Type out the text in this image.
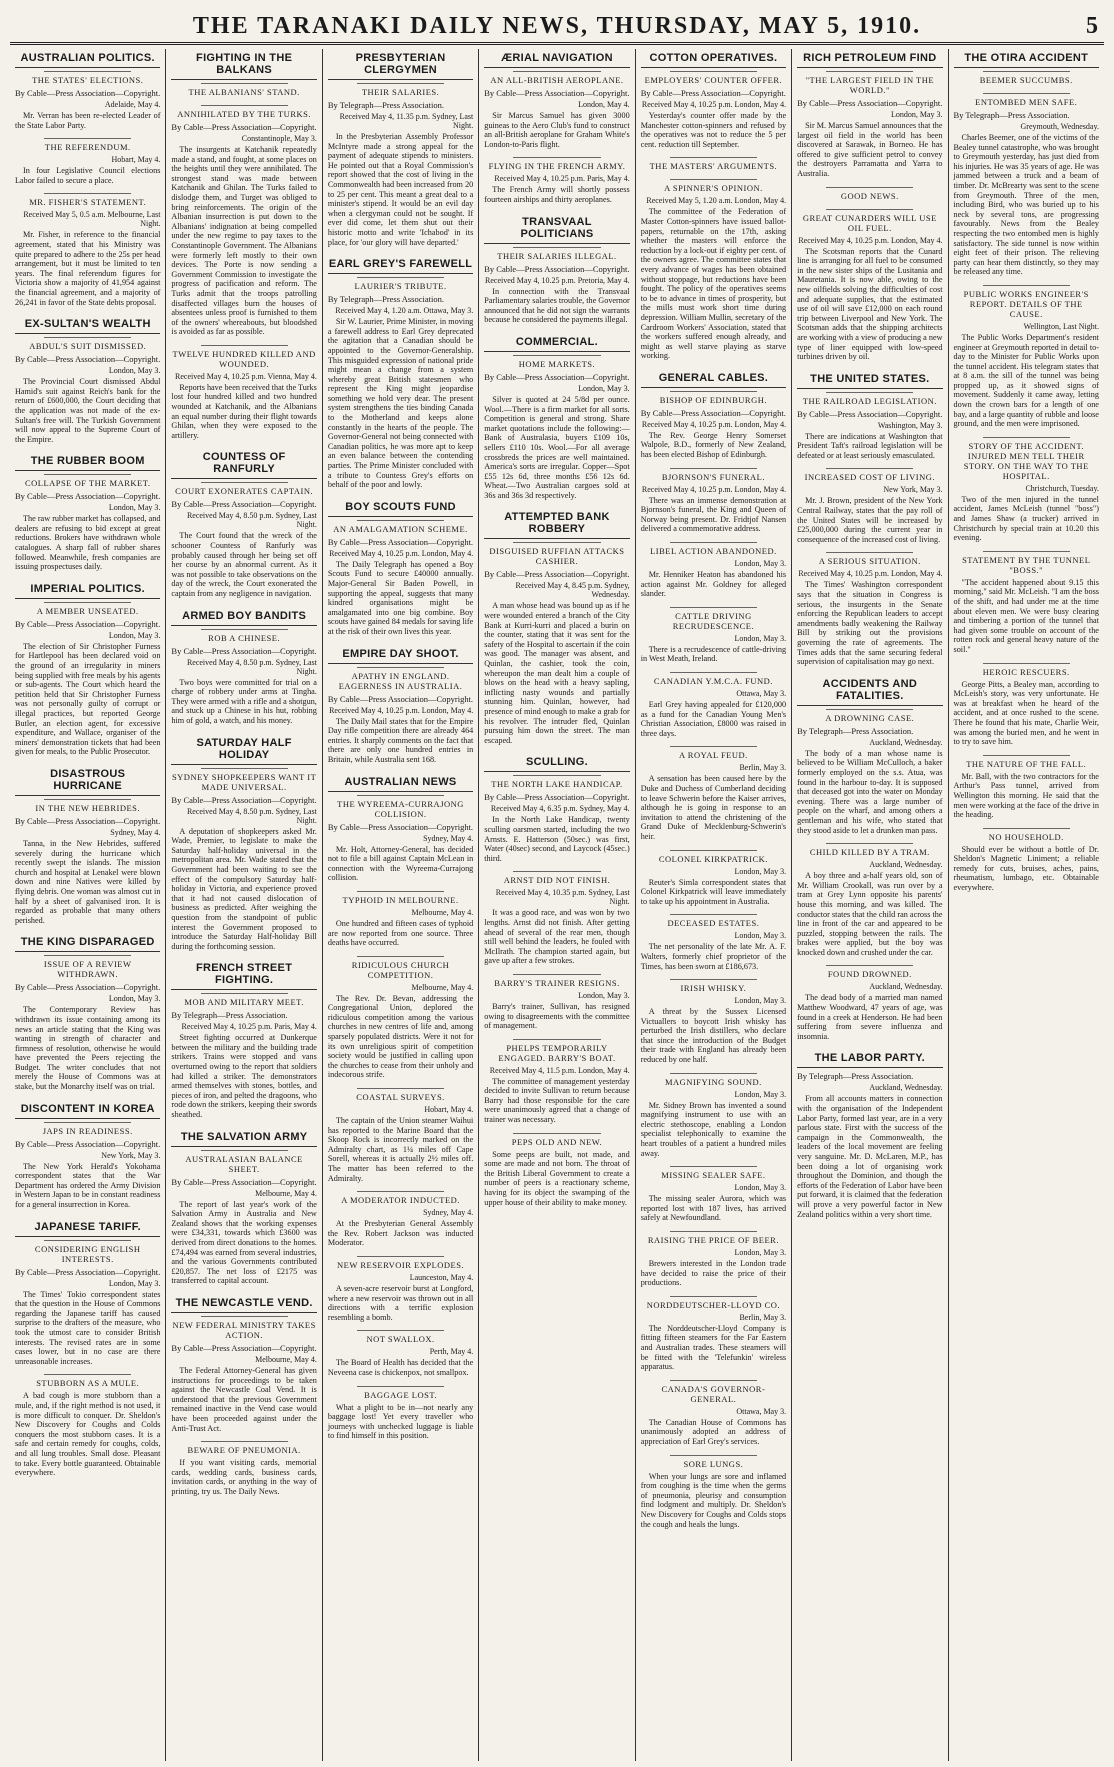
THE TARANAKI DAILY NEWS, THURSDAY, MAY 5, 1910.	5
AUSTRALIAN POLITICS.
THE STATES' ELECTIONS.
By Cable—Press Association—Copyright.
Adelaide, May 4.
Mr. Verran has been re-elected Leader of the State Labor Party.
THE REFERENDUM.
Hobart, May 4.
In four Legislative Council elections Labor failed to secure a place.
MR. FISHER'S STATEMENT.
Received May 5, 0.5 a.m. Melbourne, Last Night.
Mr. Fisher, in reference to the financial agreement, stated that his Ministry was quite prepared to adhere to the 25s per head arrangement, but it must be limited to ten years. The final referendum figures for Victoria show a majority of 41,954 against the financial agreement, and a majority of 26,241 in favor of the State debts proposal.
EX-SULTAN'S WEALTH
ABDUL'S SUIT DISMISSED.
By Cable—Press Association—Copyright.
London, May 3.
The Provincial Court dismissed Abdul Hamid's suit against Reich's bank for the return of £600,000, the Court deciding that the application was not made of the ex-Sultan's free will. The Turkish Government will now appeal to the Supreme Court of the Empire.
THE RUBBER BOOM
COLLAPSE OF THE MARKET.
By Cable—Press Association—Copyright.
London, May 3.
The raw rubber market has collapsed, and dealers are refusing to bid except at great reductions. Brokers have withdrawn whole catalogues. A sharp fall of rubber shares followed. Meanwhile, fresh companies are issuing prospectuses daily.
IMPERIAL POLITICS.
A MEMBER UNSEATED.
By Cable—Press Association—Copyright.
London, May 3.
The election of Sir Christopher Furness for Hartlepool has been declared void on the ground of an irregularity in miners being supplied with free meals by his agents or sub-agents. The Court which heard the petition held that Sir Christopher Furness was not personally guilty of corrupt or illegal practices, but reported George Butler, an election agent, for excessive expenditure, and Wallace, organiser of the miners' demonstration tickets that had been given for meals, to the Public Prosecutor.
DISASTROUS HURRICANE
IN THE NEW HEBRIDES.
By Cable—Press Association—Copyright.
Sydney, May 4.
Tanna, in the New Hebrides, suffered severely during the hurricane which recently swept the islands. The mission church and hospital at Lenakel were blown down and nine Natives were killed by flying debris. One woman was almost cut in half by a sheet of galvanised iron. It is regarded as probable that many others perished.
THE KING DISPARAGED
ISSUE OF A REVIEW WITHDRAWN.
By Cable—Press Association—Copyright.
London, May 3.
The Contemporary Review has withdrawn its issue containing among its news an article stating that the King was wanting in strength of character and firmness of resolution, otherwise he would have prevented the Peers rejecting the Budget. The writer concludes that not merely the House of Commons was at stake, but the Monarchy itself was on trial.
DISCONTENT IN KOREA
JAPS IN READINESS.
By Cable—Press Association—Copyright.
New York, May 3.
The New York Herald's Yokohama correspondent states that the War Department has ordered the Army Division in Western Japan to be in constant readiness for a general insurrection in Korea.
JAPANESE TARIFF.
CONSIDERING ENGLISH INTERESTS.
By Cable—Press Association—Copyright.
London, May 3.
The Times' Tokio correspondent states that the question in the House of Commons regarding the Japanese tariff has caused surprise to the drafters of the measure, who took the utmost care to consider British interests. The revised rates are in some cases lower, but in no case are there unreasonable increases.
STUBBORN AS A MULE.
A bad cough is more stubborn than a mule, and, if the right method is not used, it is more difficult to conquer. Dr. Sheldon's New Discovery for Coughs and Colds conquers the most stubborn cases. It is a safe and certain remedy for coughs, colds, and all lung troubles. Small dose. Pleasant to take. Every bottle guaranteed. Obtainable everywhere.
FIGHTING IN THE BALKANS
THE ALBANIANS' STAND.
ANNIHILATED BY THE TURKS.
By Cable—Press Association—Copyright.
Constantinople, May 3.
The insurgents at Katchanik repeatedly made a stand, and fought, at some places on the heights until they were annihilated. The strongest stand was made between Katchanik and Ghilan. The Turks failed to dislodge them, and Turget was obliged to bring reinforcements. The origin of the Albanian insurrection is put down to the Albanians' indignation at being compelled under the new regime to pay taxes to the Constantinople Government. The Albanians were formerly left mostly to their own devices. The Porte is now sending a Government Commission to investigate the progress of pacification and reform. The Turks admit that the troops patrolling disaffected villages burn the houses of absentees unless proof is furnished to them of the owners' whereabouts, but bloodshed is avoided as far as possible.
TWELVE HUNDRED KILLED AND WOUNDED.
Received May 4, 10.25 p.m. Vienna, May 4.
Reports have been received that the Turks lost four hundred killed and two hundred wounded at Katchanik, and the Albanians an equal number during their flight towards Ghilan, when they were exposed to the artillery.
COUNTESS OF RANFURLY
COURT EXONERATES CAPTAIN.
By Cable—Press Association—Copyright.
Received May 4, 8.50 p.m. Sydney, Last Night.
The Court found that the wreck of the schooner Countess of Ranfurly was probably caused through her being set off her course by an abnormal current. As it was not possible to take observations on the day of the wreck, the Court exonerated the captain from any negligence in navigation.
ARMED BOY BANDITS
ROB A CHINESE.
By Cable—Press Association—Copyright.
Received May 4, 8.50 p.m. Sydney, Last Night.
Two boys were committed for trial on a charge of robbery under arms at Tingha. They were armed with a rifle and a shotgun, and stuck up a Chinese in his hut, robbing him of gold, a watch, and his money.
SATURDAY HALF HOLIDAY
SYDNEY SHOPKEEPERS WANT IT MADE UNIVERSAL.
By Cable—Press Association—Copyright.
Received May 4, 8.50 p.m. Sydney, Last Night.
A deputation of shopkeepers asked Mr. Wade, Premier, to legislate to make the Saturday half-holiday universal in the metropolitan area. Mr. Wade stated that the Government had been waiting to see the effect of the compulsory Saturday half-holiday in Victoria, and experience proved that it had not caused dislocation of business as predicted. After weighing the question from the standpoint of public interest the Government proposed to introduce the Saturday Half-holiday Bill during the forthcoming session.
FRENCH STREET FIGHTING.
MOB AND MILITARY MEET.
By Telegraph—Press Association.
Received May 4, 10.25 p.m. Paris, May 4.
Street fighting occurred at Dunkerque between the military and the building trade strikers. Trains were stopped and vans overturned owing to the report that soldiers had killed a striker. The demonstrators armed themselves with stones, bottles, and pieces of iron, and pelted the dragoons, who rode down the strikers, keeping their swords sheathed.
THE SALVATION ARMY
AUSTRALASIAN BALANCE SHEET.
By Cable—Press Association—Copyright.
Melbourne, May 4.
The report of last year's work of the Salvation Army in Australia and New Zealand shows that the working expenses were £34,331, towards which £3600 was derived from direct donations to the homes. £74,494 was earned from several industries, and the various Governments contributed £20,857. The net loss of £2175 was transferred to capital account.
THE NEWCASTLE VEND.
NEW FEDERAL MINISTRY TAKES ACTION.
By Cable—Press Association—Copyright.
Melbourne, May 4.
The Federal Attorney-General has given instructions for proceedings to be taken against the Newcastle Coal Vend. It is understood that the previous Government remained inactive in the Vend case would have been proceeded against under the Anti-Trust Act.
BEWARE OF PNEUMONIA.
If you want visiting cards, memorial cards, wedding cards, business cards, invitation cards, or anything in the way of printing, try us. The Daily News.
PRESBYTERIAN CLERGYMEN
THEIR SALARIES.
By Telegraph—Press Association.
Received May 4, 11.35 p.m. Sydney, Last Night.
In the Presbyterian Assembly Professor McIntyre made a strong appeal for the payment of adequate stipends to ministers. He pointed out that a Royal Commission's report showed that the cost of living in the Commonwealth had been increased from 20 to 25 per cent. This meant a great deal to a minister's stipend. It would be an evil day when a clergyman could not be sought. If ever did come, let them shut out their historic motto and write 'Ichabod' in its place, for 'our glory will have departed.'
EARL GREY'S FAREWELL
LAURIER'S TRIBUTE.
By Telegraph—Press Association.
Received May 4, 1.20 a.m. Ottawa, May 3.
Sir W. Laurier, Prime Minister, in moving a farewell address to Earl Grey deprecated the agitation that a Canadian should be appointed to the Governor-Generalship. This misguided expression of national pride might mean a change from a system whereby great British statesmen who represent the King might jeopardise something we hold very dear. The present system strengthens the ties binding Canada to the Motherland and keeps alone constantly in the hearts of the people. The Governor-General not being connected with Canadian politics, he was more apt to keep an even balance between the contending parties. The Prime Minister concluded with a tribute to Countess Grey's efforts on behalf of the poor and lowly.
BOY SCOUTS FUND
AN AMALGAMATION SCHEME.
By Cable—Press Association—Copyright.
Received May 4, 10.25 p.m. London, May 4.
The Daily Telegraph has opened a Boy Scouts Fund to secure £40000 annually. Major-General Sir Baden Powell, in supporting the appeal, suggests that many kindred organisations might be amalgamated into one big combine. Boy scouts have gained 84 medals for saving life at the risk of their own lives this year.
EMPIRE DAY SHOOT.
APATHY IN ENGLAND. EAGERNESS IN AUSTRALIA.
By Cable—Press Association—Copyright.
Received May 4, 10.25 p.m. London, May 4.
The Daily Mail states that for the Empire Day rifle competition there are already 464 entries. It sharply comments on the fact that there are only one hundred entries in Britain, while Australia sent 168.
AUSTRALIAN NEWS
THE WYREEMA-CURRAJONG COLLISION.
By Cable—Press Association—Copyright.
Sydney, May 4.
Mr. Holt, Attorney-General, has decided not to file a bill against Captain McLean in connection with the Wyreema-Currajong collision.
TYPHOID IN MELBOURNE.
Melbourne, May 4.
One hundred and fifteen cases of typhoid are now reported from one source. Three deaths have occurred.
RIDICULOUS CHURCH COMPETITION.
Melbourne, May 4.
The Rev. Dr. Bevan, addressing the Congregational Union, deplored the ridiculous competition among the various churches in new centres of life and, among sparsely populated districts. Were it not for its own unreligious spirit of competition society would be justified in calling upon the churches to cease from their unholy and indecorous strife.
COASTAL SURVEYS.
Hobart, May 4.
The captain of the Union steamer Waihui has reported to the Marine Board that the Skoop Rock is incorrectly marked on the Admiralty chart, as 1¼ miles off Cape Sorell, whereas it is actually 2½ miles off. The matter has been referred to the Admiralty.
A MODERATOR INDUCTED.
Sydney, May 4.
At the Presbyterian General Assembly the Rev. Robert Jackson was inducted Moderator.
NEW RESERVOIR EXPLODES.
Launceston, May 4.
A seven-acre reservoir burst at Longford, where a new reservoir was thrown out in all directions with a terrific explosion resembling a bomb.
NOT SWALLOX.
Perth, May 4.
The Board of Health has decided that the Neveena case is chickenpox, not smallpox.
BAGGAGE LOST.
What a plight to be in—not nearly any baggage lost! Yet every traveller who journeys with unchecked luggage is liable to find himself in this position.
ÆRIAL NAVIGATION
AN ALL-BRITISH AEROPLANE.
By Cable—Press Association—Copyright.
London, May 4.
Sir Marcus Samuel has given 3000 guineas to the Aero Club's fund to construct an all-British aeroplane for Graham White's London-to-Paris flight.
FLYING IN THE FRENCH ARMY.
Received May 4, 10.25 p.m. Paris, May 4.
The French Army will shortly possess fourteen airships and thirty aeroplanes.
TRANSVAAL POLITICIANS
THEIR SALARIES ILLEGAL.
By Cable—Press Association—Copyright.
Received May 4, 10.25 p.m. Pretoria, May 4.
In connection with the Transvaal Parliamentary salaries trouble, the Governor announced that he did not sign the warrants because he considered the payments illegal.
COMMERCIAL.
HOME MARKETS.
By Cable—Press Association—Copyright.
London, May 3.
Silver is quoted at 24 5/8d per ounce. Wool.—There is a firm market for all sorts. Competition is general and strong. Share market quotations include the following:—Bank of Australasia, buyers £109 10s, sellers £110 10s. Wool.—For all average crossbreds the prices are well maintained. America's sorts are irregular. Copper—Spot £55 12s 6d, three months £56 12s 6d. Wheat.—Two Australian cargoes sold at 36s and 36s 3d respectively.
ATTEMPTED BANK ROBBERY
DISGUISED RUFFIAN ATTACKS CASHIER.
By Cable—Press Association—Copyright.
Received May 4, 8.45 p.m. Sydney, Wednesday.
A man whose head was bound up as if he were wounded entered a branch of the City Bank at Kurri-kurri and placed a burin on the counter, stating that it was sent for the safety of the Hospital to ascertain if the coin was good. The manager was absent, and Quinlan, the cashier, took the coin, whereupon the man dealt him a couple of blows on the head with a heavy sapling, inflicting nasty wounds and partially stunning him. Quinlan, however, had presence of mind enough to make a grab for his revolver. The intruder fled, Quinlan pursuing him down the street. The man escaped.
SCULLING.
THE NORTH LAKE HANDICAP.
By Cable—Press Association—Copyright.
Received May 4, 6.35 p.m. Sydney, May 4.
In the North Lake Handicap, twenty sculling oarsmen started, including the two Arnsts. E. Hatterson (50sec.) was first, Water (40sec) second, and Laycock (45sec.) third.
ARNST DID NOT FINISH.
Received May 4, 10.35 p.m. Sydney, Last Night.
It was a good race, and was won by two lengths. Arnst did not finish. After getting ahead of several of the rear men, though still well behind the leaders, he fouled with McIlrath. The champion started again, but gave up after a few strokes.
BARRY'S TRAINER RESIGNS.
London, May 3.
Barry's trainer, Sullivan, has resigned owing to disagreements with the committee of management.
PHELPS TEMPORARILY ENGAGED. BARRY'S BOAT.
Received May 4, 11.5 p.m. London, May 4.
The committee of management yesterday decided to invite Sullivan to return because Barry had those responsible for the care were unanimously agreed that a change of trainer was necessary.
PEPS OLD AND NEW.
Some peeps are built, not made, and some are made and not born. The throat of the British Liberal Government to create a number of peers is a reactionary scheme, having for its object the swamping of the upper house of their ability to make money.
COTTON OPERATIVES.
EMPLOYERS' COUNTER OFFER.
By Cable—Press Association—Copyright.
Received May 4, 10.25 p.m. London, May 4.
Yesterday's counter offer made by the Manchester cotton-spinners and refused by the operatives was not to reduce the 5 per cent. reduction till September.
THE MASTERS' ARGUMENTS.
A SPINNER'S OPINION.
Received May 5, 1.20 a.m. London, May 4.
The committee of the Federation of Master Cotton-spinners have issued ballot-papers, returnable on the 17th, asking whether the masters will enforce the reduction by a lock-out if eighty per cent. of the owners agree. The committee states that every advance of wages has been obtained without stoppage, but reductions have been fought. The policy of the operatives seems to be to advance in times of prosperity, but the mills must work short time during depression. William Mullin, secretary of the Cardroom Workers' Association, stated that the workers suffered enough already, and might as well starve playing as starve working.
GENERAL CABLES.
BISHOP OF EDINBURGH.
By Cable—Press Association—Copyright.
Received May 4, 10.25 p.m. London, May 4.
The Rev. George Henry Somerset Walpole, B.D., formerly of New Zealand, has been elected Bishop of Edinburgh.
BJORNSON'S FUNERAL.
Received May 4, 10.25 p.m. London, May 4.
There was an immense demonstration at Bjornson's funeral, the King and Queen of Norway being present. Dr. Fridtjof Nansen delivered a commemorative address.
LIBEL ACTION ABANDONED.
London, May 3.
Mr. Henniker Heaton has abandoned his action against Mr. Goldney for alleged slander.
CATTLE DRIVING RECRUDESCENCE.
London, May 3.
There is a recrudescence of cattle-driving in West Meath, Ireland.
CANADIAN Y.M.C.A. FUND.
Ottawa, May 3.
Earl Grey having appealed for £120,000 as a fund for the Canadian Young Men's Christian Association, £8000 was raised in three days.
A ROYAL FEUD.
Berlin, May 3.
A sensation has been caused here by the Duke and Duchess of Cumberland deciding to leave Schwerin before the Kaiser arrives, although he is going in response to an invitation to attend the christening of the Grand Duke of Mecklenburg-Schwerin's heir.
COLONEL KIRKPATRICK.
London, May 3.
Reuter's Simla correspondent states that Colonel Kirkpatrick will leave immediately to take up his appointment in Australia.
DECEASED ESTATES.
London, May 3.
The net personality of the late Mr. A. F. Walters, formerly chief proprietor of the Times, has been sworn at £186,673.
IRISH WHISKY.
London, May 3.
A threat by the Sussex Licensed Victuallers to boycott Irish whisky has perturbed the Irish distillers, who declare that since the introduction of the Budget their trade with England has already been reduced by one half.
MAGNIFYING SOUND.
London, May 3.
Mr. Sidney Brown has invented a sound magnifying instrument to use with an electric stethoscope, enabling a London specialist telephonically to examine the heart troubles of a patient a hundred miles away.
MISSING SEALER SAFE.
London, May 3.
The missing sealer Aurora, which was reported lost with 187 lives, has arrived safely at Newfoundland.
RAISING THE PRICE OF BEER.
London, May 3.
Brewers interested in the London trade have decided to raise the price of their productions.
NORDDEUTSCHER-LLOYD CO.
Berlin, May 3.
The Norddeutscher-Lloyd Company is fitting fifteen steamers for the Far Eastern and Australian trades. These steamers will be fitted with the 'Telefunkin' wireless apparatus.
CANADA'S GOVERNOR-GENERAL.
Ottawa, May 3.
The Canadian House of Commons has unanimously adopted an address of appreciation of Earl Grey's services.
SORE LUNGS.
When your lungs are sore and inflamed from coughing is the time when the germs of pneumonia, pleurisy and consumption find lodgment and multiply. Dr. Sheldon's New Discovery for Coughs and Colds stops the cough and heals the lungs.
RICH PETROLEUM FIND
"THE LARGEST FIELD IN THE WORLD."
By Cable—Press Association—Copyright.
London, May 3.
Sir M. Marcus Samuel announces that the largest oil field in the world has been discovered at Sarawak, in Borneo. He has offered to give sufficient petrol to convey the destroyers Parramatta and Yarra to Australia.
GOOD NEWS.
GREAT CUNARDERS WILL USE OIL FUEL.
Received May 4, 10.25 p.m. London, May 4.
The Scotsman reports that the Cunard line is arranging for all fuel to be consumed in the new sister ships of the Lusitania and Mauretania. It is now able, owing to the new oilfields solving the difficulties of cost and adequate supplies, that the estimated use of oil will save £12,000 on each round trip between Liverpool and New York. The Scotsman adds that the shipping architects are working with a view of producing a new type of liner equipped with low-speed turbines driven by oil.
THE UNITED STATES.
THE RAILROAD LEGISLATION.
By Cable—Press Association—Copyright.
Washington, May 3.
There are indications at Washington that President Taft's railroad legislation will be defeated or at least seriously emasculated.
INCREASED COST OF LIVING.
New York, May 3.
Mr. J. Brown, president of the New York Central Railway, states that the pay roll of the United States will be increased by £25,000,000 during the current year in consequence of the increased cost of living.
A SERIOUS SITUATION.
Received May 4, 10.25 p.m. London, May 4.
The Times' Washington correspondent says that the situation in Congress is serious, the insurgents in the Senate enforcing the Republican leaders to accept amendments badly weakening the Railway Bill by striking out the provisions governing the rate of agreements. The Times adds that the same securing federal supervision of capitalisation may go next.
ACCIDENTS AND FATALITIES.
A DROWNING CASE.
By Telegraph—Press Association.
Auckland, Wednesday.
The body of a man whose name is believed to be William McCulloch, a baker formerly employed on the s.s. Atua, was found in the harbour to-day. It is supposed that deceased got into the water on Monday evening. There was a large number of people on the wharf, and among others a gentleman and his wife, who stated that they stood aside to let a drunken man pass.
CHILD KILLED BY A TRAM.
Auckland, Wednesday.
A boy three and a-half years old, son of Mr. William Crookall, was run over by a tram at Grey Lynn opposite his parents' house this morning, and was killed. The conductor states that the child ran across the line in front of the car and appeared to be puzzled, stopping between the rails. The brakes were applied, but the boy was knocked down and crushed under the car.
FOUND DROWNED.
Auckland, Wednesday.
The dead body of a married man named Matthew Woodward, 47 years of age, was found in a creek at Henderson. He had been suffering from severe influenza and insomnia.
THE LABOR PARTY.
By Telegraph—Press Association.
Auckland, Wednesday.
From all accounts matters in connection with the organisation of the Independent Labor Party, formed last year, are in a very parlous state. First with the success of the campaign in the Commonwealth, the leaders of the local movement are feeling very sanguine. Mr. D. McLaren, M.P., has been doing a lot of organising work throughout the Dominion, and though the efforts of the Federation of Labor have been put forward, it is claimed that the federation will prove a very powerful factor in New Zealand politics within a very short time.
THE OTIRA ACCIDENT
BEEMER SUCCUMBS.
ENTOMBED MEN SAFE.
By Telegraph—Press Association.
Greymouth, Wednesday.
Charles Beemer, one of the victims of the Bealey tunnel catastrophe, who was brought to Greymouth yesterday, has just died from his injuries. He was 35 years of age. He was jammed between a truck and a beam of timber. Dr. McBrearty was sent to the scene from Greymouth. Three of the men, including Bird, who was buried up to his neck by several tons, are progressing favourably. News from the Bealey respecting the two entombed men is highly satisfactory. The side tunnel is now within eight feet of their prison. The relieving party can hear them distinctly, so they may be released any time.
PUBLIC WORKS ENGINEER'S REPORT. DETAILS OF THE CAUSE.
Wellington, Last Night.
The Public Works Department's resident engineer at Greymouth reported in detail to-day to the Minister for Public Works upon the tunnel accident. His telegram states that at 8 a.m. the sill of the tunnel was being propped up, as it showed signs of movement. Suddenly it came away, letting down the crown bars for a length of one bay, and a large quantity of rubble and loose ground, and the men were imprisoned.
STORY OF THE ACCIDENT. INJURED MEN TELL THEIR STORY. ON THE WAY TO THE HOSPITAL.
Christchurch, Tuesday.
Two of the men injured in the tunnel accident, James McLeish (tunnel "boss") and James Shaw (a trucker) arrived in Christchurch by special train at 10.20 this evening.
STATEMENT BY THE TUNNEL "BOSS."
"The accident happened about 9.15 this morning," said Mr. McLeish. "I am the boss of the shift, and had under me at the time about eleven men. We were busy clearing and timbering a portion of the tunnel that had given some trouble on account of the rotten rock and general heavy nature of the soil."
HEROIC RESCUERS.
George Pitts, a Bealey man, according to McLeish's story, was very unfortunate. He was at breakfast when he heard of the accident, and at once rushed to the scene. There he found that his mate, Charlie Weir, was among the buried men, and he went in to try to save him.
THE NATURE OF THE FALL.
Mr. Ball, with the two contractors for the Arthur's Pass tunnel, arrived from Wellington this morning. He said that the men were working at the face of the drive in the heading.
NO HOUSEHOLD.
Should ever be without a bottle of Dr. Sheldon's Magnetic Liniment; a reliable remedy for cuts, bruises, aches, pains, rheumatism, lumbago, etc. Obtainable everywhere.
